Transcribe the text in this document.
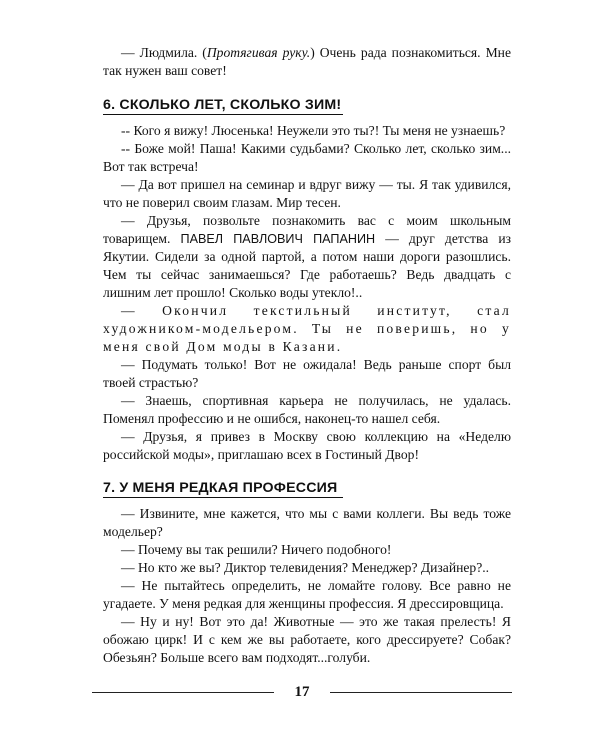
— Людмила. (Протягивая руку.) Очень рада познакомиться. Мне так нужен ваш совет!

6. СКОЛЬКО ЛЕТ, СКОЛЬКО ЗИМ!

-- Кого я вижу! Люсенька! Неужели это ты?! Ты меня не узнаешь?

-- Боже мой! Паша! Какими судьбами? Сколько лет, сколько зим... Вот так встреча!

— Да вот пришел на семинар и вдруг вижу — ты. Я так удивился, что не поверил своим глазам. Мир тесен.

— Друзья, позвольте познакомить вас с моим школьным товарищем. ПАВЕЛ ПАВЛОВИЧ ПАПАНИН — друг детства из Якутии. Сидели за одной партой, а потом наши дороги разошлись. Чем ты сейчас занимаешься? Где работаешь? Ведь двадцать с лишним лет прошло! Сколько воды утекло!..

— Окончил текстильный институт, стал художником-модельером. Ты не поверишь, но у меня свой Дом моды в Казани.

— Подумать только! Вот не ожидала! Ведь раньше спорт был твоей страстью?

— Знаешь, спортивная карьера не получилась, не удалась. Поменял профессию и не ошибся, наконец-то нашел себя.

— Друзья, я привез в Москву свою коллекцию на «Неделю российской моды», приглашаю всех в Гостиный Двор!

7. У МЕНЯ РЕДКАЯ ПРОФЕССИЯ

— Извините, мне кажется, что мы с вами коллеги. Вы ведь тоже модельер?

— Почему вы так решили? Ничего подобного!

— Но кто же вы? Диктор телевидения? Менеджер? Дизайнер?..

— Не пытайтесь определить, не ломайте голову. Все равно не угадаете. У меня редкая для женщины профессия. Я дрессировщица.

— Ну и ну! Вот это да! Животные — это же такая прелесть! Я обожаю цирк! И с кем же вы работаете, кого дрессируете? Собак? Обезьян? Больше всего вам подходят...голуби.

17
